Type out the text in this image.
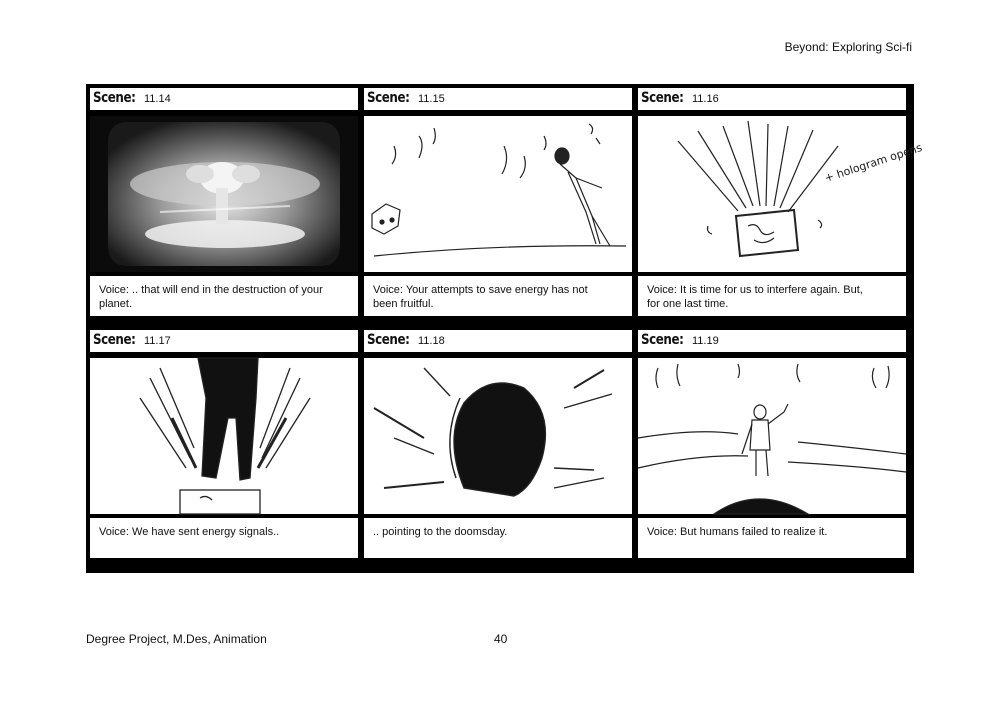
Beyond: Exploring Sci-fi
Scene: 11.14
Voice: .. that will end in the destruction of your planet.
Scene: 11.15
Voice: Your attempts to save energy has not been fruitful.
Scene: 11.16
+ hologram opens
Voice: It is time for us to interfere again. But, for one last time.
Scene: 11.17
Voice: We have sent energy signals..
Scene: 11.18
.. pointing to the doomsday.
Scene: 11.19
Voice: But humans failed to realize it.
Degree Project, M.Des, Animation	40
